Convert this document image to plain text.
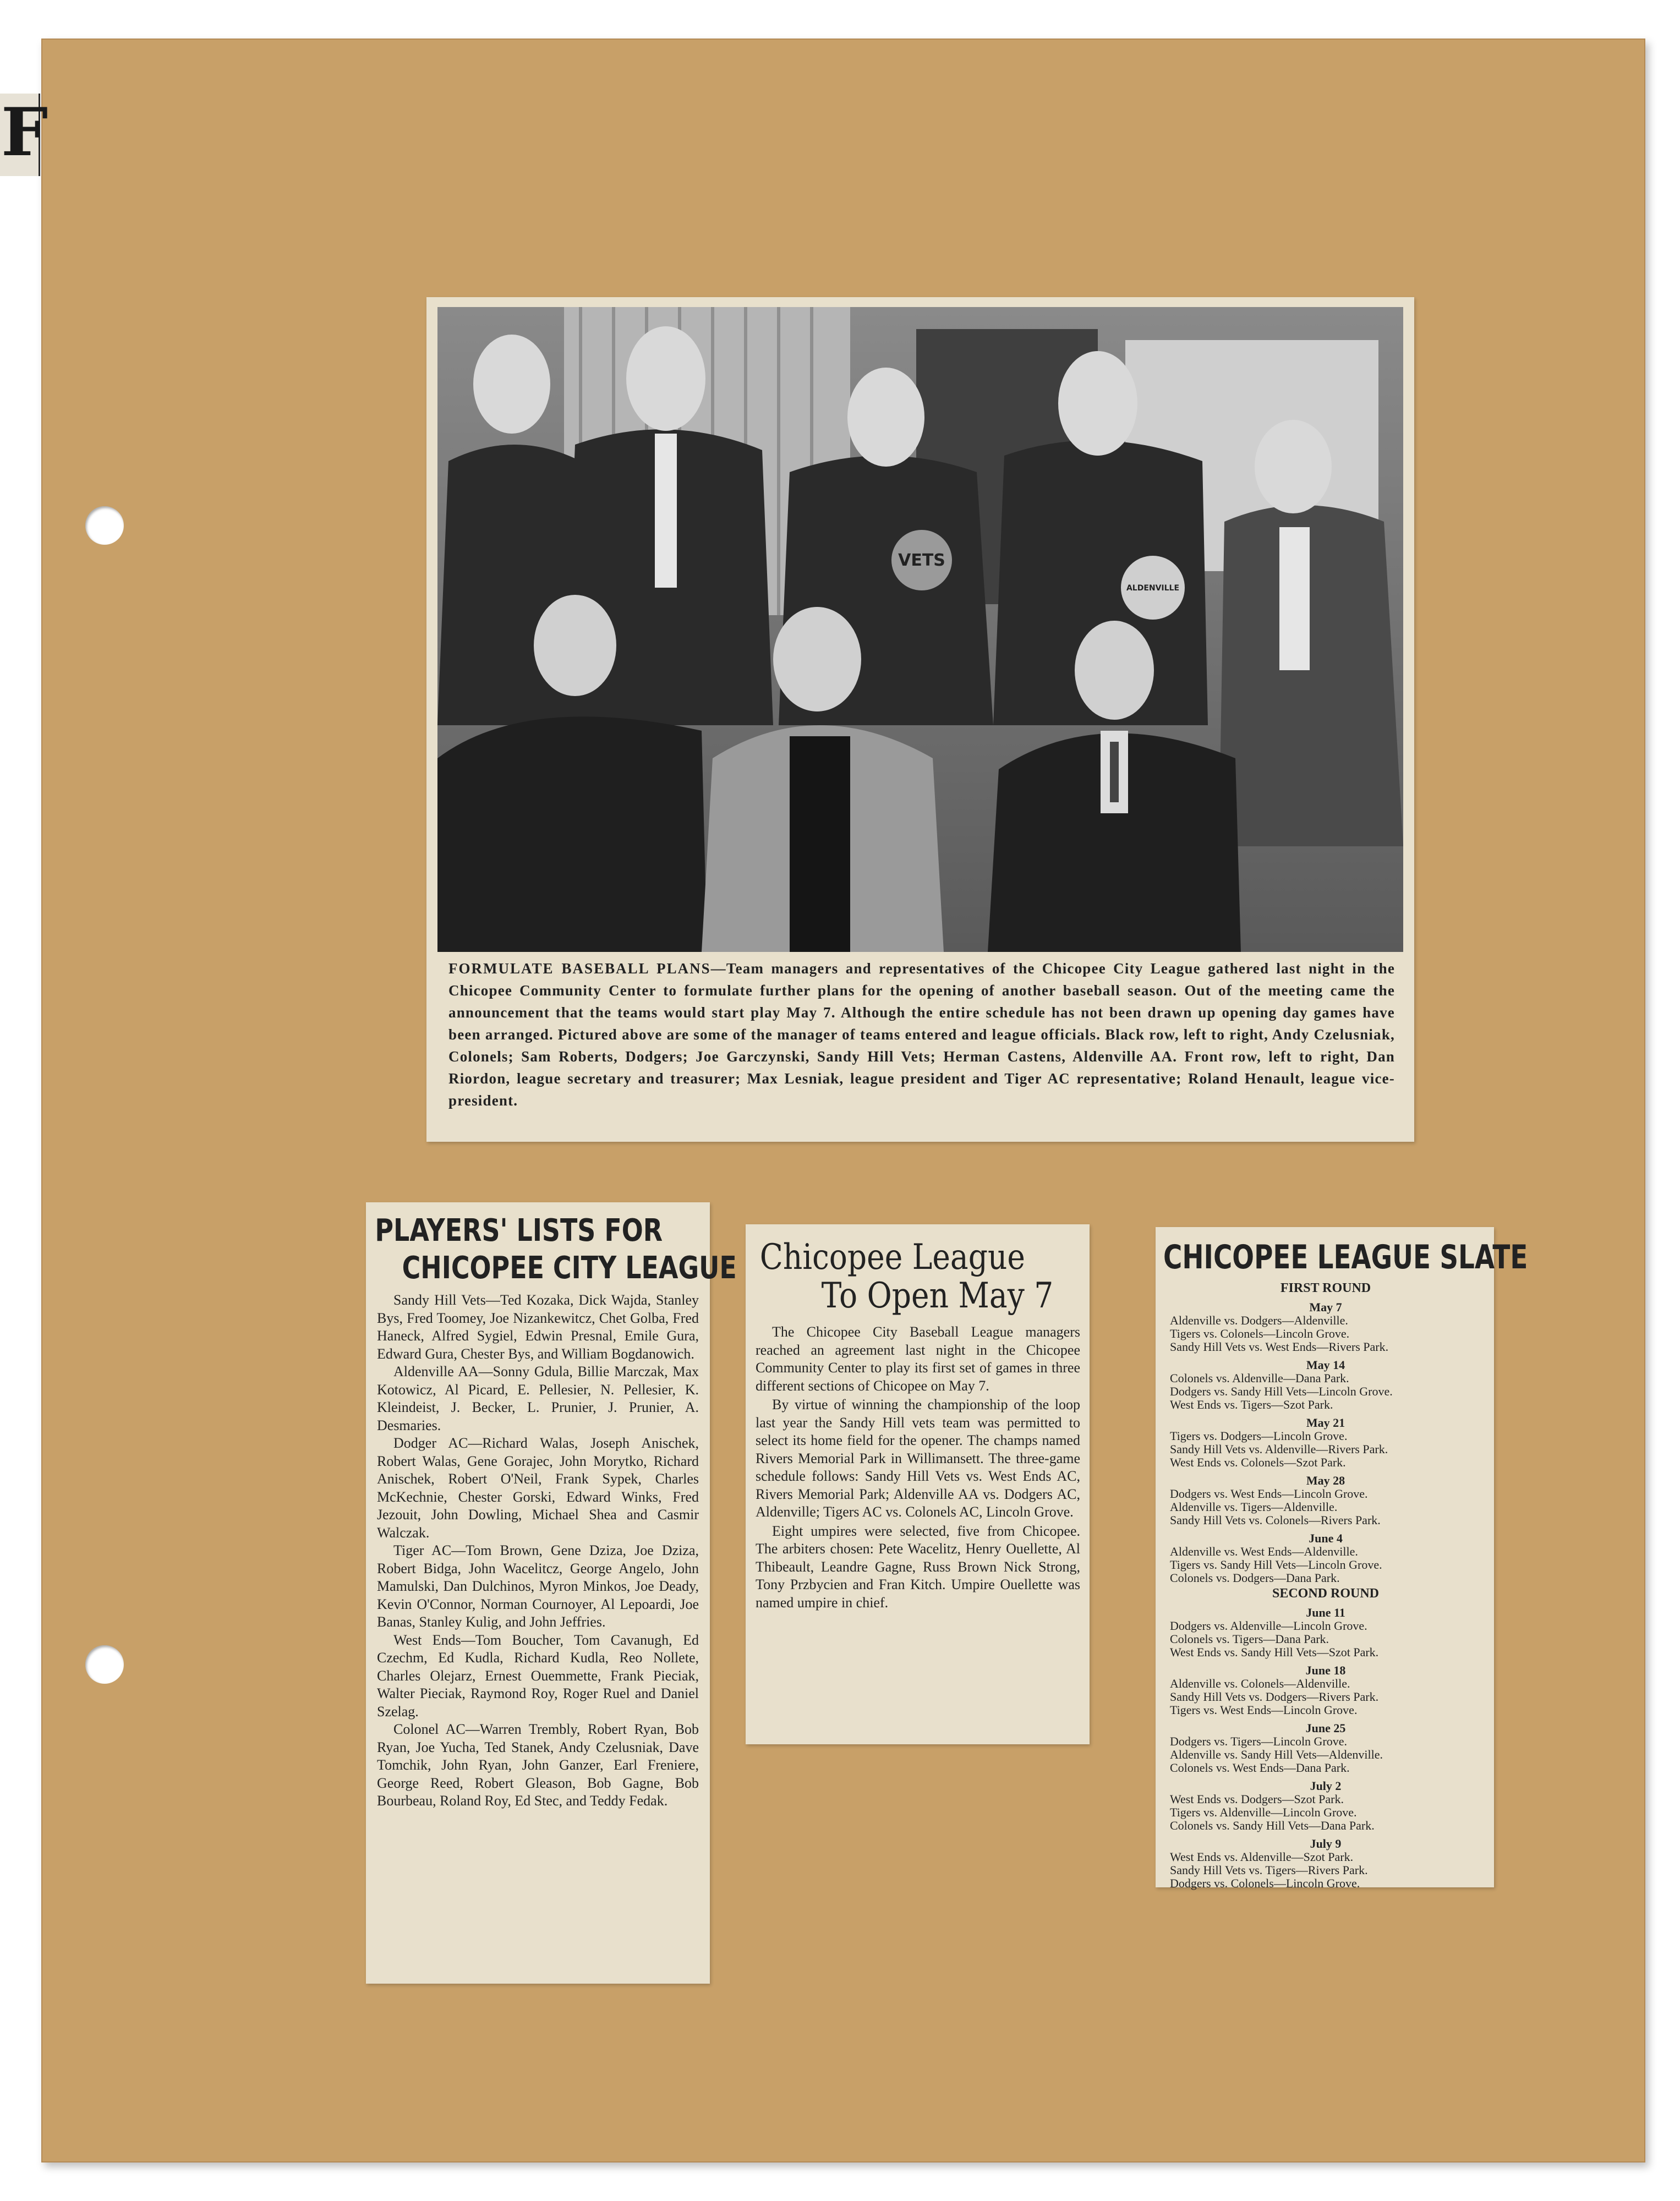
VETS
ALDENVILLE
FORMULATE BASEBALL PLANS—Team managers and representatives of the Chicopee City League gathered last night in the Chicopee Community Center to formulate further plans for the opening of another baseball season. Out of the meeting came the announcement that the teams would start play May 7. Although the entire schedule has not been drawn up opening day games have been arranged. Pictured above are some of the manager of teams entered and league officials. Black row, left to right, Andy Czelusniak, Colonels; Sam Roberts, Dodgers; Joe Garczynski, Sandy Hill Vets; Herman Castens, Aldenville AA. Front row, left to right, Dan Riordon, league secretary and treasurer; Max Lesniak, league president and Tiger AC representative; Roland Henault, league vice-president.
PLAYERS' LISTS FOR
CHICOPEE CITY LEAGUE

Sandy Hill Vets—Ted Kozaka, Dick Wajda, Stanley Bys, Fred Toomey, Joe Nizankewitcz, Chet Golba, Fred Haneck, Alfred Sygiel, Edwin Presnal, Emile Gura, Edward Gura, Chester Bys, and William Bogdanowich.

Aldenville AA—Sonny Gdula, Billie Marczak, Max Kotowicz, Al Picard, E. Pellesier, N. Pellesier, K. Kleindeist, J. Becker, L. Prunier, J. Prunier, A. Desmaries.

Dodger AC—Richard Walas, Joseph Anischek, Robert Walas, Gene Gorajec, John Morytko, Richard Anischek, Robert O'Neil, Frank Sypek, Charles McKechnie, Chester Gorski, Edward Winks, Fred Jezouit, John Dowling, Michael Shea and Casmir Walczak.

Tiger AC—Tom Brown, Gene Dziza, Joe Dziza, Robert Bidga, John Wacelitcz, George Angelo, John Mamulski, Dan Dulchinos, Myron Minkos, Joe Deady, Kevin O'Connor, Norman Cournoyer, Al Lepoardi, Joe Banas, Stanley Kulig, and John Jeffries.

West Ends—Tom Boucher, Tom Cavanugh, Ed Czechm, Ed Kudla, Richard Kudla, Reo Nollete, Charles Olejarz, Ernest Ouemmette, Frank Pieciak, Walter Pieciak, Raymond Roy, Roger Ruel and Daniel Szelag.

Colonel AC—Warren Trembly, Robert Ryan, Bob Ryan, Joe Yucha, Ted Stanek, Andy Czelusniak, Dave Tomchik, John Ryan, John Ganzer, Earl Freniere, George Reed, Robert Gleason, Bob Gagne, Bob Bourbeau, Roland Roy, Ed Stec, and Teddy Fedak.

Chicopee League
To Open May 7

The Chicopee City Baseball League managers reached an agreement last night in the Chicopee Community Center to play its first set of games in three different sections of Chicopee on May 7.

By virtue of winning the championship of the loop last year the Sandy Hill vets team was permitted to select its home field for the opener. The champs named Rivers Memorial Park in Willimansett. The three-game schedule follows: Sandy Hill Vets vs. West Ends AC, Rivers Memorial Park; Aldenville AA vs. Dodgers AC, Aldenville; Tigers AC vs. Colonels AC, Lincoln Grove.

Eight umpires were selected, five from Chicopee. The arbiters chosen: Pete Wacelitz, Henry Ouellette, Al Thibeault, Leandre Gagne, Russ Brown Nick Strong, Tony Przbycien and Fran Kitch. Umpire Ouellette was named umpire in chief.

CHICOPEE LEAGUE SLATE
FIRST ROUND
May 7
Aldenville vs. Dodgers—Aldenville.
Tigers vs. Colonels—Lincoln Grove.
Sandy Hill Vets vs. West Ends—Rivers Park.
May 14
Colonels vs. Aldenville—Dana Park.
Dodgers vs. Sandy Hill Vets—Lincoln Grove.
West Ends vs. Tigers—Szot Park.
May 21
Tigers vs. Dodgers—Lincoln Grove.
Sandy Hill Vets vs. Aldenville—Rivers Park.
West Ends vs. Colonels—Szot Park.
May 28
Dodgers vs. West Ends—Lincoln Grove.
Aldenville vs. Tigers—Aldenville.
Sandy Hill Vets vs. Colonels—Rivers Park.
June 4
Aldenville vs. West Ends—Aldenville.
Tigers vs. Sandy Hill Vets—Lincoln Grove.
Colonels vs. Dodgers—Dana Park.
SECOND ROUND
June 11
Dodgers vs. Aldenville—Lincoln Grove.
Colonels vs. Tigers—Dana Park.
West Ends vs. Sandy Hill Vets—Szot Park.
June 18
Aldenville vs. Colonels—Aldenville.
Sandy Hill Vets vs. Dodgers—Rivers Park.
Tigers vs. West Ends—Lincoln Grove.
June 25
Dodgers vs. Tigers—Lincoln Grove.
Aldenville vs. Sandy Hill Vets—Aldenville.
Colonels vs. West Ends—Dana Park.
July 2
West Ends vs. Dodgers—Szot Park.
Tigers vs. Aldenville—Lincoln Grove.
Colonels vs. Sandy Hill Vets—Dana Park.
July 9
West Ends vs. Aldenville—Szot Park.
Sandy Hill Vets vs. Tigers—Rivers Park.
Dodgers vs. Colonels—Lincoln Grove.
F
